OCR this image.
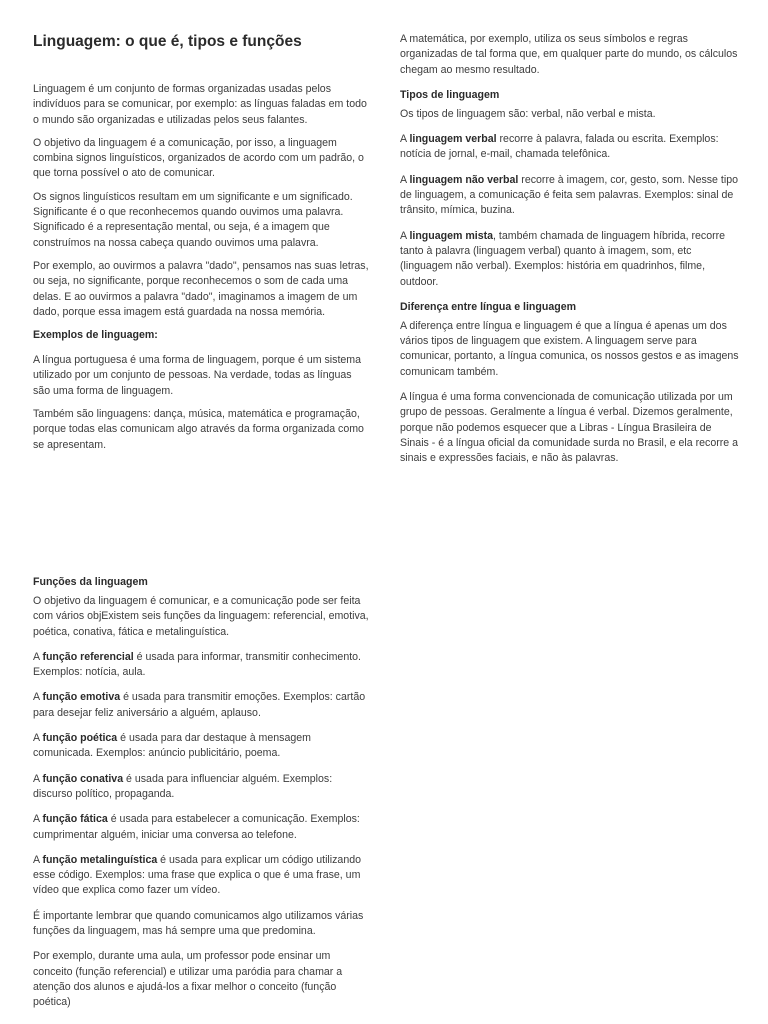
Linguagem: o que é, tipos e funções

Linguagem é um conjunto de formas organizadas usadas pelos indivíduos para se comunicar, por exemplo: as línguas faladas em todo o mundo são organizadas e utilizadas pelos seus falantes.

O objetivo da linguagem é a comunicação, por isso, a linguagem combina signos linguísticos, organizados de acordo com um padrão, o que torna possível o ato de comunicar.

Os signos linguísticos resultam em um significante e um significado. Significante é o que reconhecemos quando ouvimos uma palavra. Significado é a representação mental, ou seja, é a imagem que construímos na nossa cabeça quando ouvimos uma palavra.

Por exemplo, ao ouvirmos a palavra "dado", pensamos nas suas letras, ou seja, no significante, porque reconhecemos o som de cada uma delas. E ao ouvirmos a palavra "dado", imaginamos a imagem de um dado, porque essa imagem está guardada na nossa memória.

Exemplos de linguagem:

A língua portuguesa é uma forma de linguagem, porque é um sistema utilizado por um conjunto de pessoas. Na verdade, todas as línguas são uma forma de linguagem.

Também são linguagens: dança, música, matemática e programação, porque todas elas comunicam algo através da forma organizada como se apresentam.

A matemática, por exemplo, utiliza os seus símbolos e regras organizadas de tal forma que, em qualquer parte do mundo, os cálculos chegam ao mesmo resultado.

Tipos de linguagem

Os tipos de linguagem são: verbal, não verbal e mista.

A linguagem verbal recorre à palavra, falada ou escrita. Exemplos: notícia de jornal, e-mail, chamada telefônica.

A linguagem não verbal recorre à imagem, cor, gesto, som. Nesse tipo de linguagem, a comunicação é feita sem palavras. Exemplos: sinal de trânsito, mímica, buzina.

A linguagem mista, também chamada de linguagem híbrida, recorre tanto à palavra (linguagem verbal) quanto à imagem, som, etc (linguagem não verbal). Exemplos: história em quadrinhos, filme, outdoor.

Diferença entre língua e linguagem

A diferença entre língua e linguagem é que a língua é apenas um dos vários tipos de linguagem que existem. A linguagem serve para comunicar, portanto, a língua comunica, os nossos gestos e as imagens comunicam também.

A língua é uma forma convencionada de comunicação utilizada por um grupo de pessoas. Geralmente a língua é verbal. Dizemos geralmente, porque não podemos esquecer que a Libras - Língua Brasileira de Sinais - é a língua oficial da comunidade surda no Brasil, e ela recorre a sinais e expressões faciais, e não às palavras.

Funções da linguagem

O objetivo da linguagem é comunicar, e a comunicação pode ser feita com vários objExistem seis funções da linguagem: referencial, emotiva, poética, conativa, fática e metalinguística.

A função referencial é usada para informar, transmitir conhecimento. Exemplos: notícia, aula.

A função emotiva é usada para transmitir emoções. Exemplos: cartão para desejar feliz aniversário a alguém, aplauso.

A função poética é usada para dar destaque à mensagem comunicada. Exemplos: anúncio publicitário, poema.

A função conativa é usada para influenciar alguém. Exemplos: discurso político, propaganda.

A função fática é usada para estabelecer a comunicação. Exemplos: cumprimentar alguém, iniciar uma conversa ao telefone.

A função metalinguística é usada para explicar um código utilizando esse código. Exemplos: uma frase que explica o que é uma frase, um vídeo que explica como fazer um vídeo.

É importante lembrar que quando comunicamos algo utilizamos várias funções da linguagem, mas há sempre uma que predomina.

Por exemplo, durante uma aula, um professor pode ensinar um conceito (função referencial) e utilizar uma paródia para chamar a atenção dos alunos e ajudá-los a fixar melhor o conceito (função poética)
